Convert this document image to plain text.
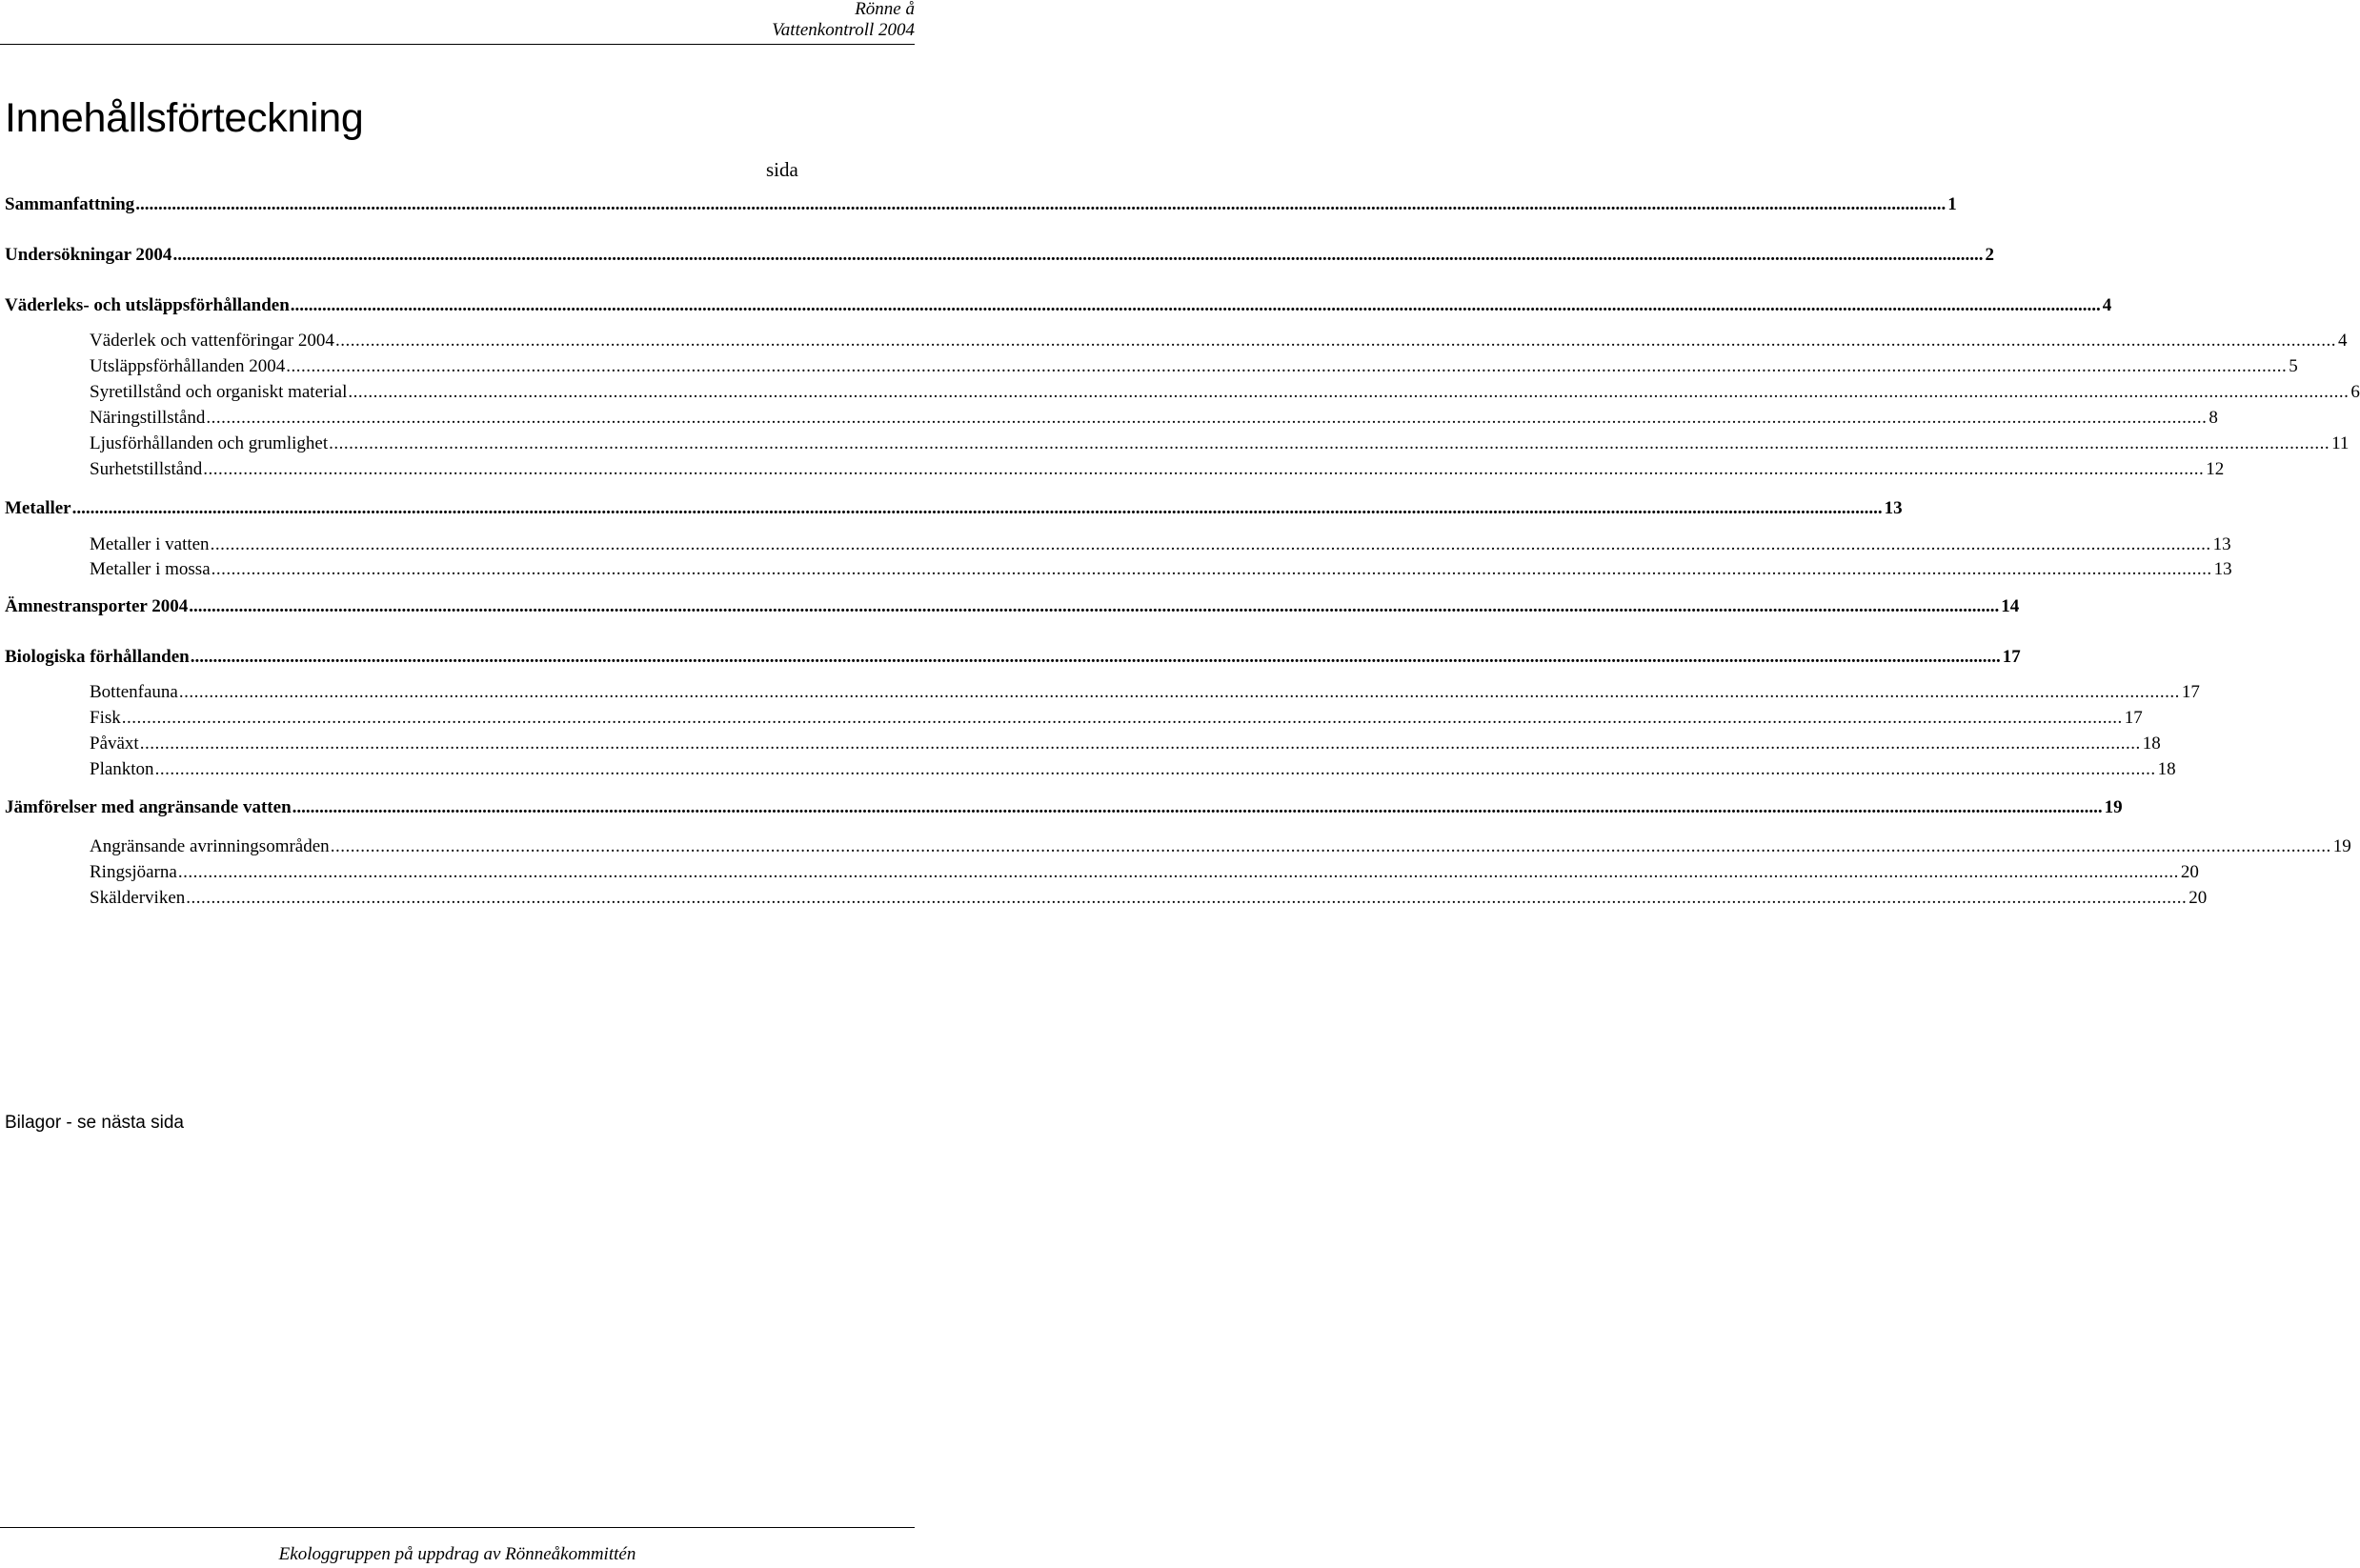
Rönne å
Vattenkontroll 2004
Innehållsförteckning
sida
Sammanfattning ................................................................................................................................................................................................................................................................................................................................................................................................................ 1
Undersökningar 2004 ................................................................................................................................................................................................................................................................................................................................................................................................................ 2
Väderleks- och utsläppsförhållanden ................................................................................................................................................................................................................................................................................................................................................................................................................ 4
Väderlek och vattenföringar 2004 ................................................................................................................................................................................................................................................................................................................................................................................................................ 4
Utsläppsförhållanden 2004 ................................................................................................................................................................................................................................................................................................................................................................................................................ 5
Syretillstånd och organiskt material ................................................................................................................................................................................................................................................................................................................................................................................................................ 6
Näringstillstånd ................................................................................................................................................................................................................................................................................................................................................................................................................ 8
Ljusförhållanden och grumlighet ................................................................................................................................................................................................................................................................................................................................................................................................................ 11
Surhetstillstånd ................................................................................................................................................................................................................................................................................................................................................................................................................ 12
Metaller ................................................................................................................................................................................................................................................................................................................................................................................................................ 13
Metaller i vatten ................................................................................................................................................................................................................................................................................................................................................................................................................ 13
Metaller i mossa ................................................................................................................................................................................................................................................................................................................................................................................................................ 13
Ämnestransporter 2004 ................................................................................................................................................................................................................................................................................................................................................................................................................ 14
Biologiska förhållanden ................................................................................................................................................................................................................................................................................................................................................................................................................ 17
Bottenfauna ................................................................................................................................................................................................................................................................................................................................................................................................................ 17
Fisk ................................................................................................................................................................................................................................................................................................................................................................................................................ 17
Påväxt ................................................................................................................................................................................................................................................................................................................................................................................................................ 18
Plankton ................................................................................................................................................................................................................................................................................................................................................................................................................ 18
Jämförelser med angränsande vatten ................................................................................................................................................................................................................................................................................................................................................................................................................ 19
Angränsande avrinningsområden ................................................................................................................................................................................................................................................................................................................................................................................................................ 19
Ringsjöarna ................................................................................................................................................................................................................................................................................................................................................................................................................ 20
Skälderviken ................................................................................................................................................................................................................................................................................................................................................................................................................ 20

Bilagor - se nästa sida

Ekologgruppen på uppdrag av Rönneåkommittén
